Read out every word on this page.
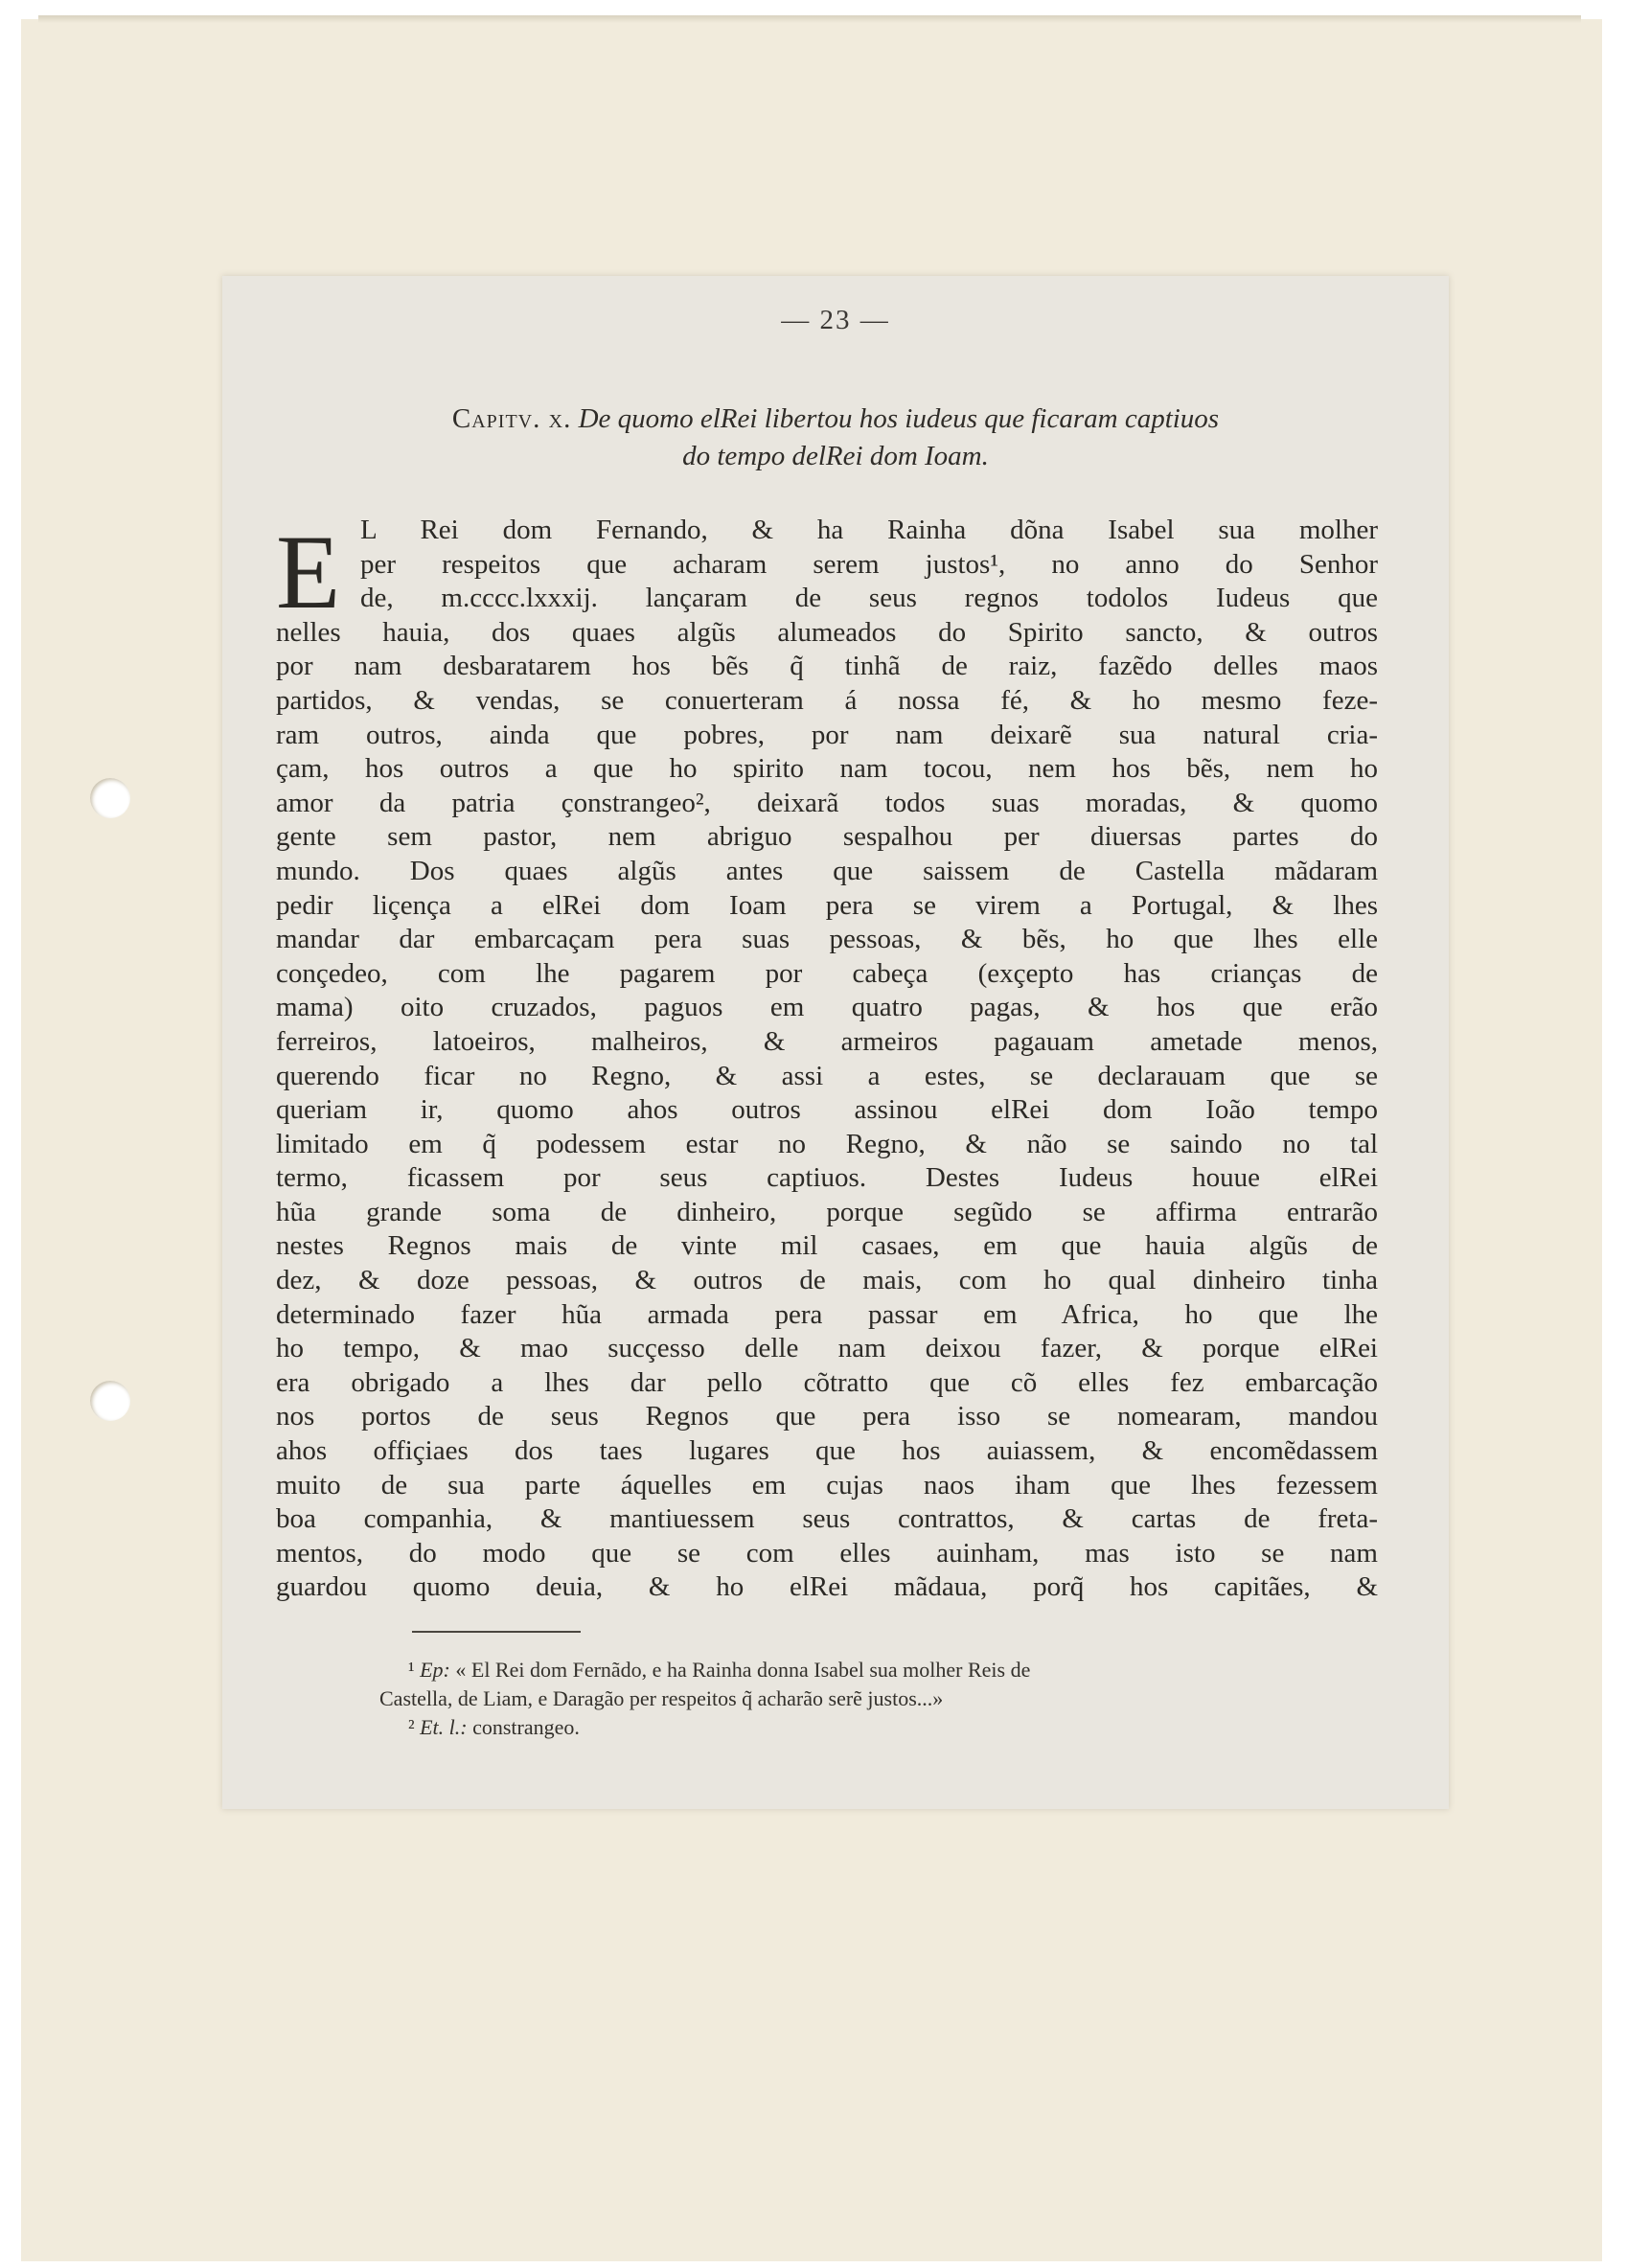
— 23 —
Capitv. x. De quomo elRei libertou hos iudeus que ficaram captiuos
do tempo delRei dom Ioam.
E L Rei dom Fernando, & ha Rainha dõna Isabel sua molher
per respeitos que acharam serem justos¹, no anno do Senhor
de, m.cccc.lxxxij. lançaram de seus regnos todolos Iudeus que
nelles hauia, dos quaes algũs alumeados do Spirito sancto, & outros
por nam desbaratarem hos bẽs q̃ tinhã de raiz, fazẽdo delles maos
partidos, & vendas, se conuerteram á nossa fé, & ho mesmo feze-
ram outros, ainda que pobres, por nam deixarẽ sua natural cria-
çam, hos outros a que ho spirito nam tocou, nem hos bẽs, nem ho
amor da patria çonstrangeo², deixarã todos suas moradas, & quomo
gente sem pastor, nem abriguo sespalhou per diuersas partes do
mundo. Dos quaes algũs antes que saissem de Castella mãdaram
pedir liçença a elRei dom Ioam pera se virem a Portugal, & lhes
mandar dar embarcaçam pera suas pessoas, & bẽs, ho que lhes elle
conçedeo, com lhe pagarem por cabeça (exçepto has crianças de
mama) oito cruzados, paguos em quatro pagas, & hos que erão
ferreiros, latoeiros, malheiros, & armeiros pagauam ametade menos,
querendo ficar no Regno, & assi a estes, se declarauam que se
queriam ir, quomo ahos outros assinou elRei dom Ioão tempo
limitado em q̃ podessem estar no Regno, & não se saindo no tal
termo, ficassem por seus captiuos. Destes Iudeus houue elRei
hũa grande soma de dinheiro, porque segũdo se affirma entrarão
nestes Regnos mais de vinte mil casaes, em que hauia algũs de
dez, & doze pessoas, & outros de mais, com ho qual dinheiro tinha
determinado fazer hũa armada pera passar em Africa, ho que lhe
ho tempo, & mao sucçesso delle nam deixou fazer, & porque elRei
era obrigado a lhes dar pello cõtratto que cõ elles fez embarcação
nos portos de seus Regnos que pera isso se nomearam, mandou
ahos offiçiaes dos taes lugares que hos auiassem, & encomẽdassem
muito de sua parte áquelles em cujas naos iham que lhes fezessem
boa companhia, & mantiuessem seus contrattos, & cartas de freta-
mentos, do modo que se com elles auinham, mas isto se nam
guardou quomo deuia, & ho elRei mãdaua, porq̃ hos capitães, &
¹ Ep: « El Rei dom Fernãdo, e ha Rainha donna Isabel sua molher Reis de
Castella, de Liam, e Daragão per respeitos q̃ acharão serẽ justos...»
² Et. l.: constrangeo.
